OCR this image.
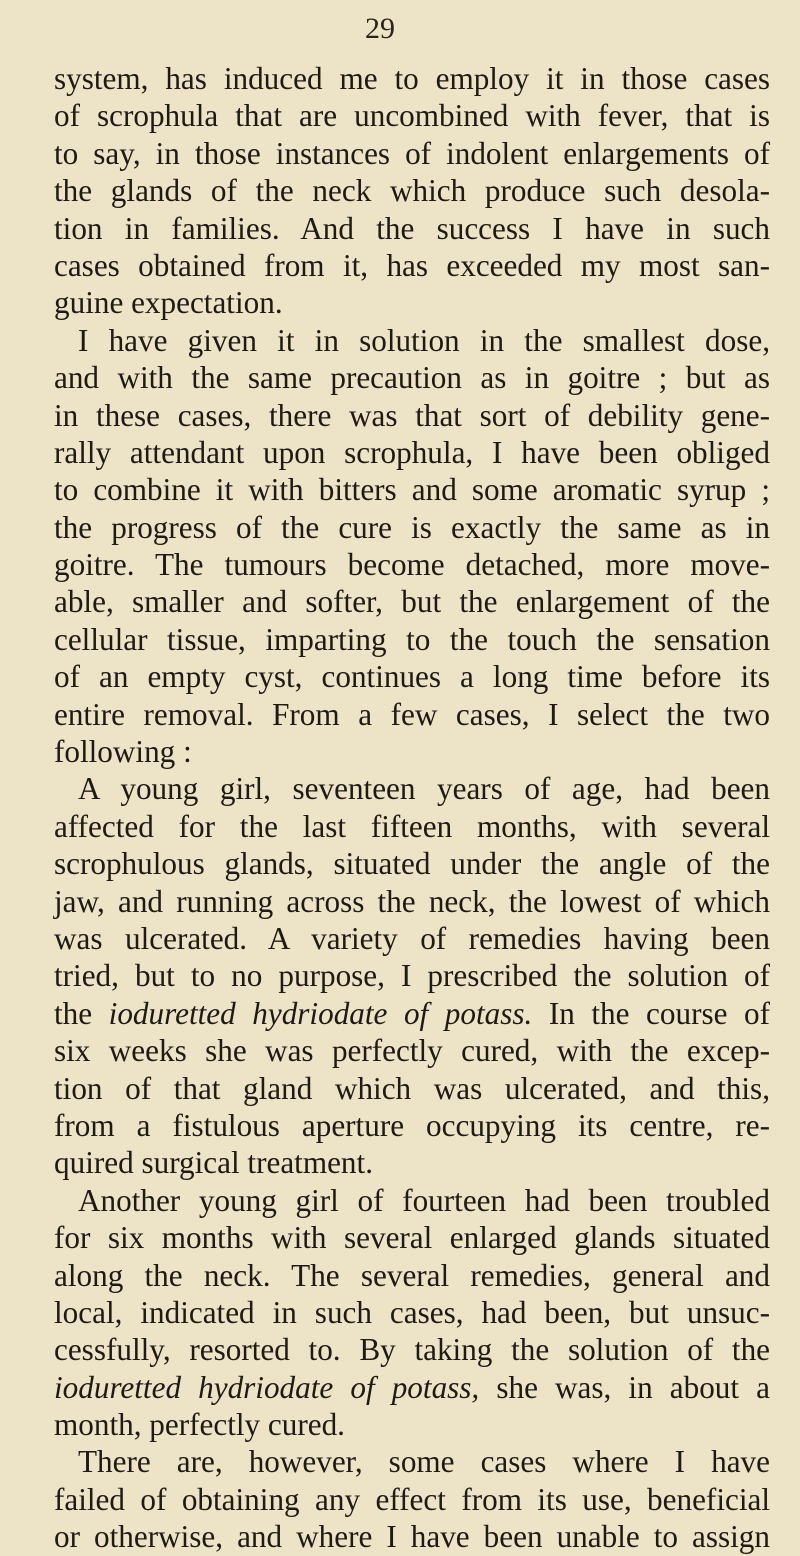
29
system, has induced me to employ it in those cases
of scrophula that are uncombined with fever, that is
to say, in those instances of indolent enlargements of
the glands of the neck which produce such desola-
tion in families. And the success I have in such
cases obtained from it, has exceeded my most san-
guine expectation.
I have given it in solution in the smallest dose,
and with the same precaution as in goitre ; but as
in these cases, there was that sort of debility gene-
rally attendant upon scrophula, I have been obliged
to combine it with bitters and some aromatic syrup ;
the progress of the cure is exactly the same as in
goitre. The tumours become detached, more move-
able, smaller and softer, but the enlargement of the
cellular tissue, imparting to the touch the sensation
of an empty cyst, continues a long time before its
entire removal. From a few cases, I select the two
following :
A young girl, seventeen years of age, had been
affected for the last fifteen months, with several
scrophulous glands, situated under the angle of the
jaw, and running across the neck, the lowest of which
was ulcerated. A variety of remedies having been
tried, but to no purpose, I prescribed the solution of
the ioduretted hydriodate of potass. In the course of
six weeks she was perfectly cured, with the excep-
tion of that gland which was ulcerated, and this,
from a fistulous aperture occupying its centre, re-
quired surgical treatment.
Another young girl of fourteen had been troubled
for six months with several enlarged glands situated
along the neck. The several remedies, general and
local, indicated in such cases, had been, but unsuc-
cessfully, resorted to. By taking the solution of the
ioduretted hydriodate of potass, she was, in about a
month, perfectly cured.
There are, however, some cases where I have
failed of obtaining any effect from its use, beneficial
or otherwise, and where I have been unable to assign
